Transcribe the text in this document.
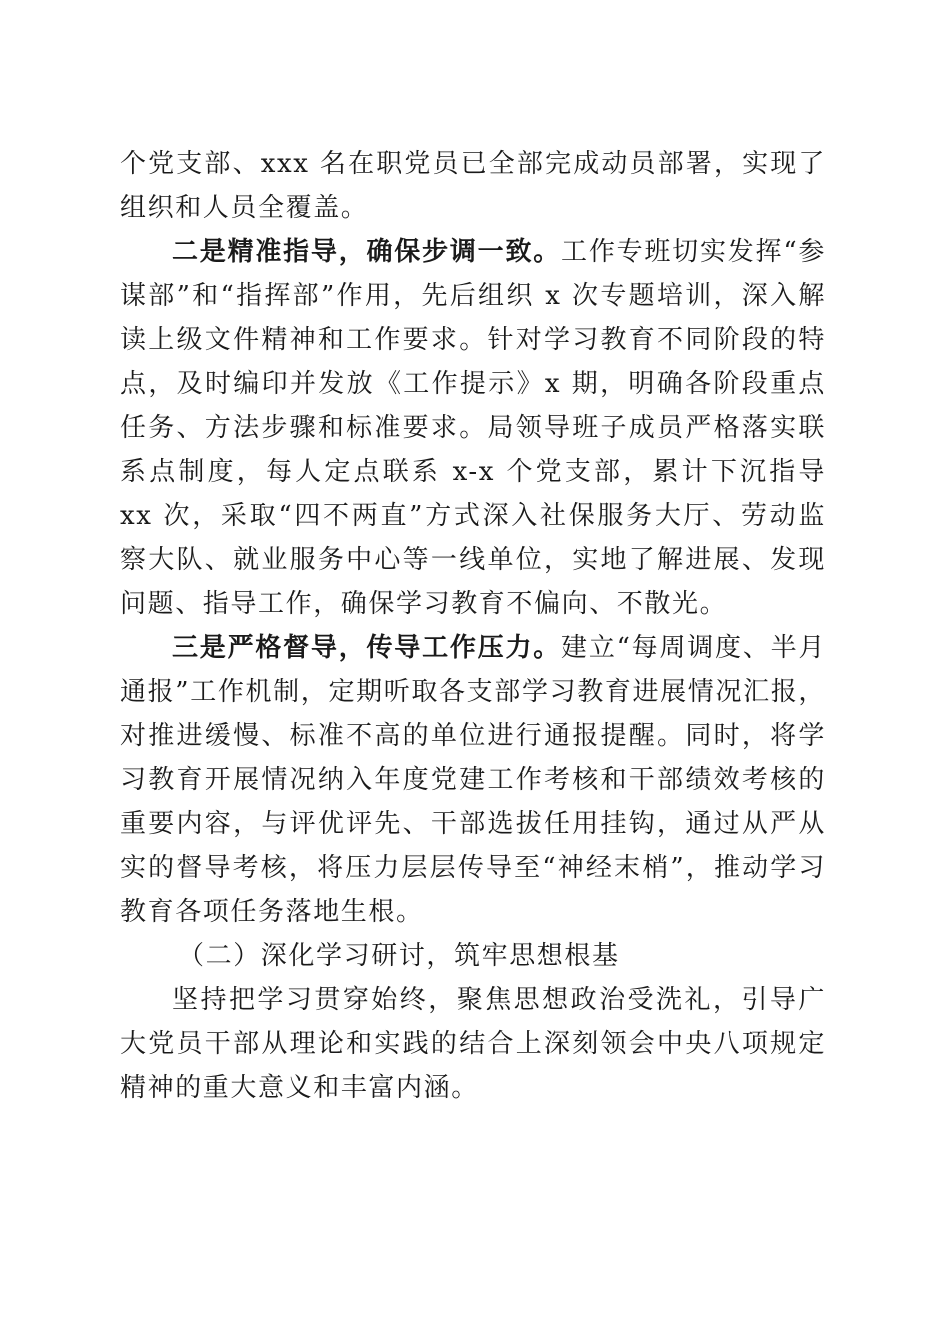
个党支部、xxx 名在职党员已全部完成动员部署，实现了组织和人员全覆盖。

二是精准指导，确保步调一致。工作专班切实发挥“参谋部”和“指挥部”作用，先后组织 x 次专题培训，深入解读上级文件精神和工作要求。针对学习教育不同阶段的特点，及时编印并发放《工作提示》x 期，明确各阶段重点任务、方法步骤和标准要求。局领导班子成员严格落实联系点制度，每人定点联系 x-x 个党支部，累计下沉指导 xx 次，采取“四不两直”方式深入社保服务大厅、劳动监察大队、就业服务中心等一线单位，实地了解进展、发现问题、指导工作，确保学习教育不偏向、不散光。

三是严格督导，传导工作压力。建立“每周调度、半月通报”工作机制，定期听取各支部学习教育进展情况汇报，对推进缓慢、标准不高的单位进行通报提醒。同时，将学习教育开展情况纳入年度党建工作考核和干部绩效考核的重要内容，与评优评先、干部选拔任用挂钩，通过从严从实的督导考核，将压力层层传导至“神经末梢”，推动学习教育各项任务落地生根。

（二）深化学习研讨，筑牢思想根基

坚持把学习贯穿始终，聚焦思想政治受洗礼，引导广大党员干部从理论和实践的结合上深刻领会中央八项规定精神的重大意义和丰富内涵。
